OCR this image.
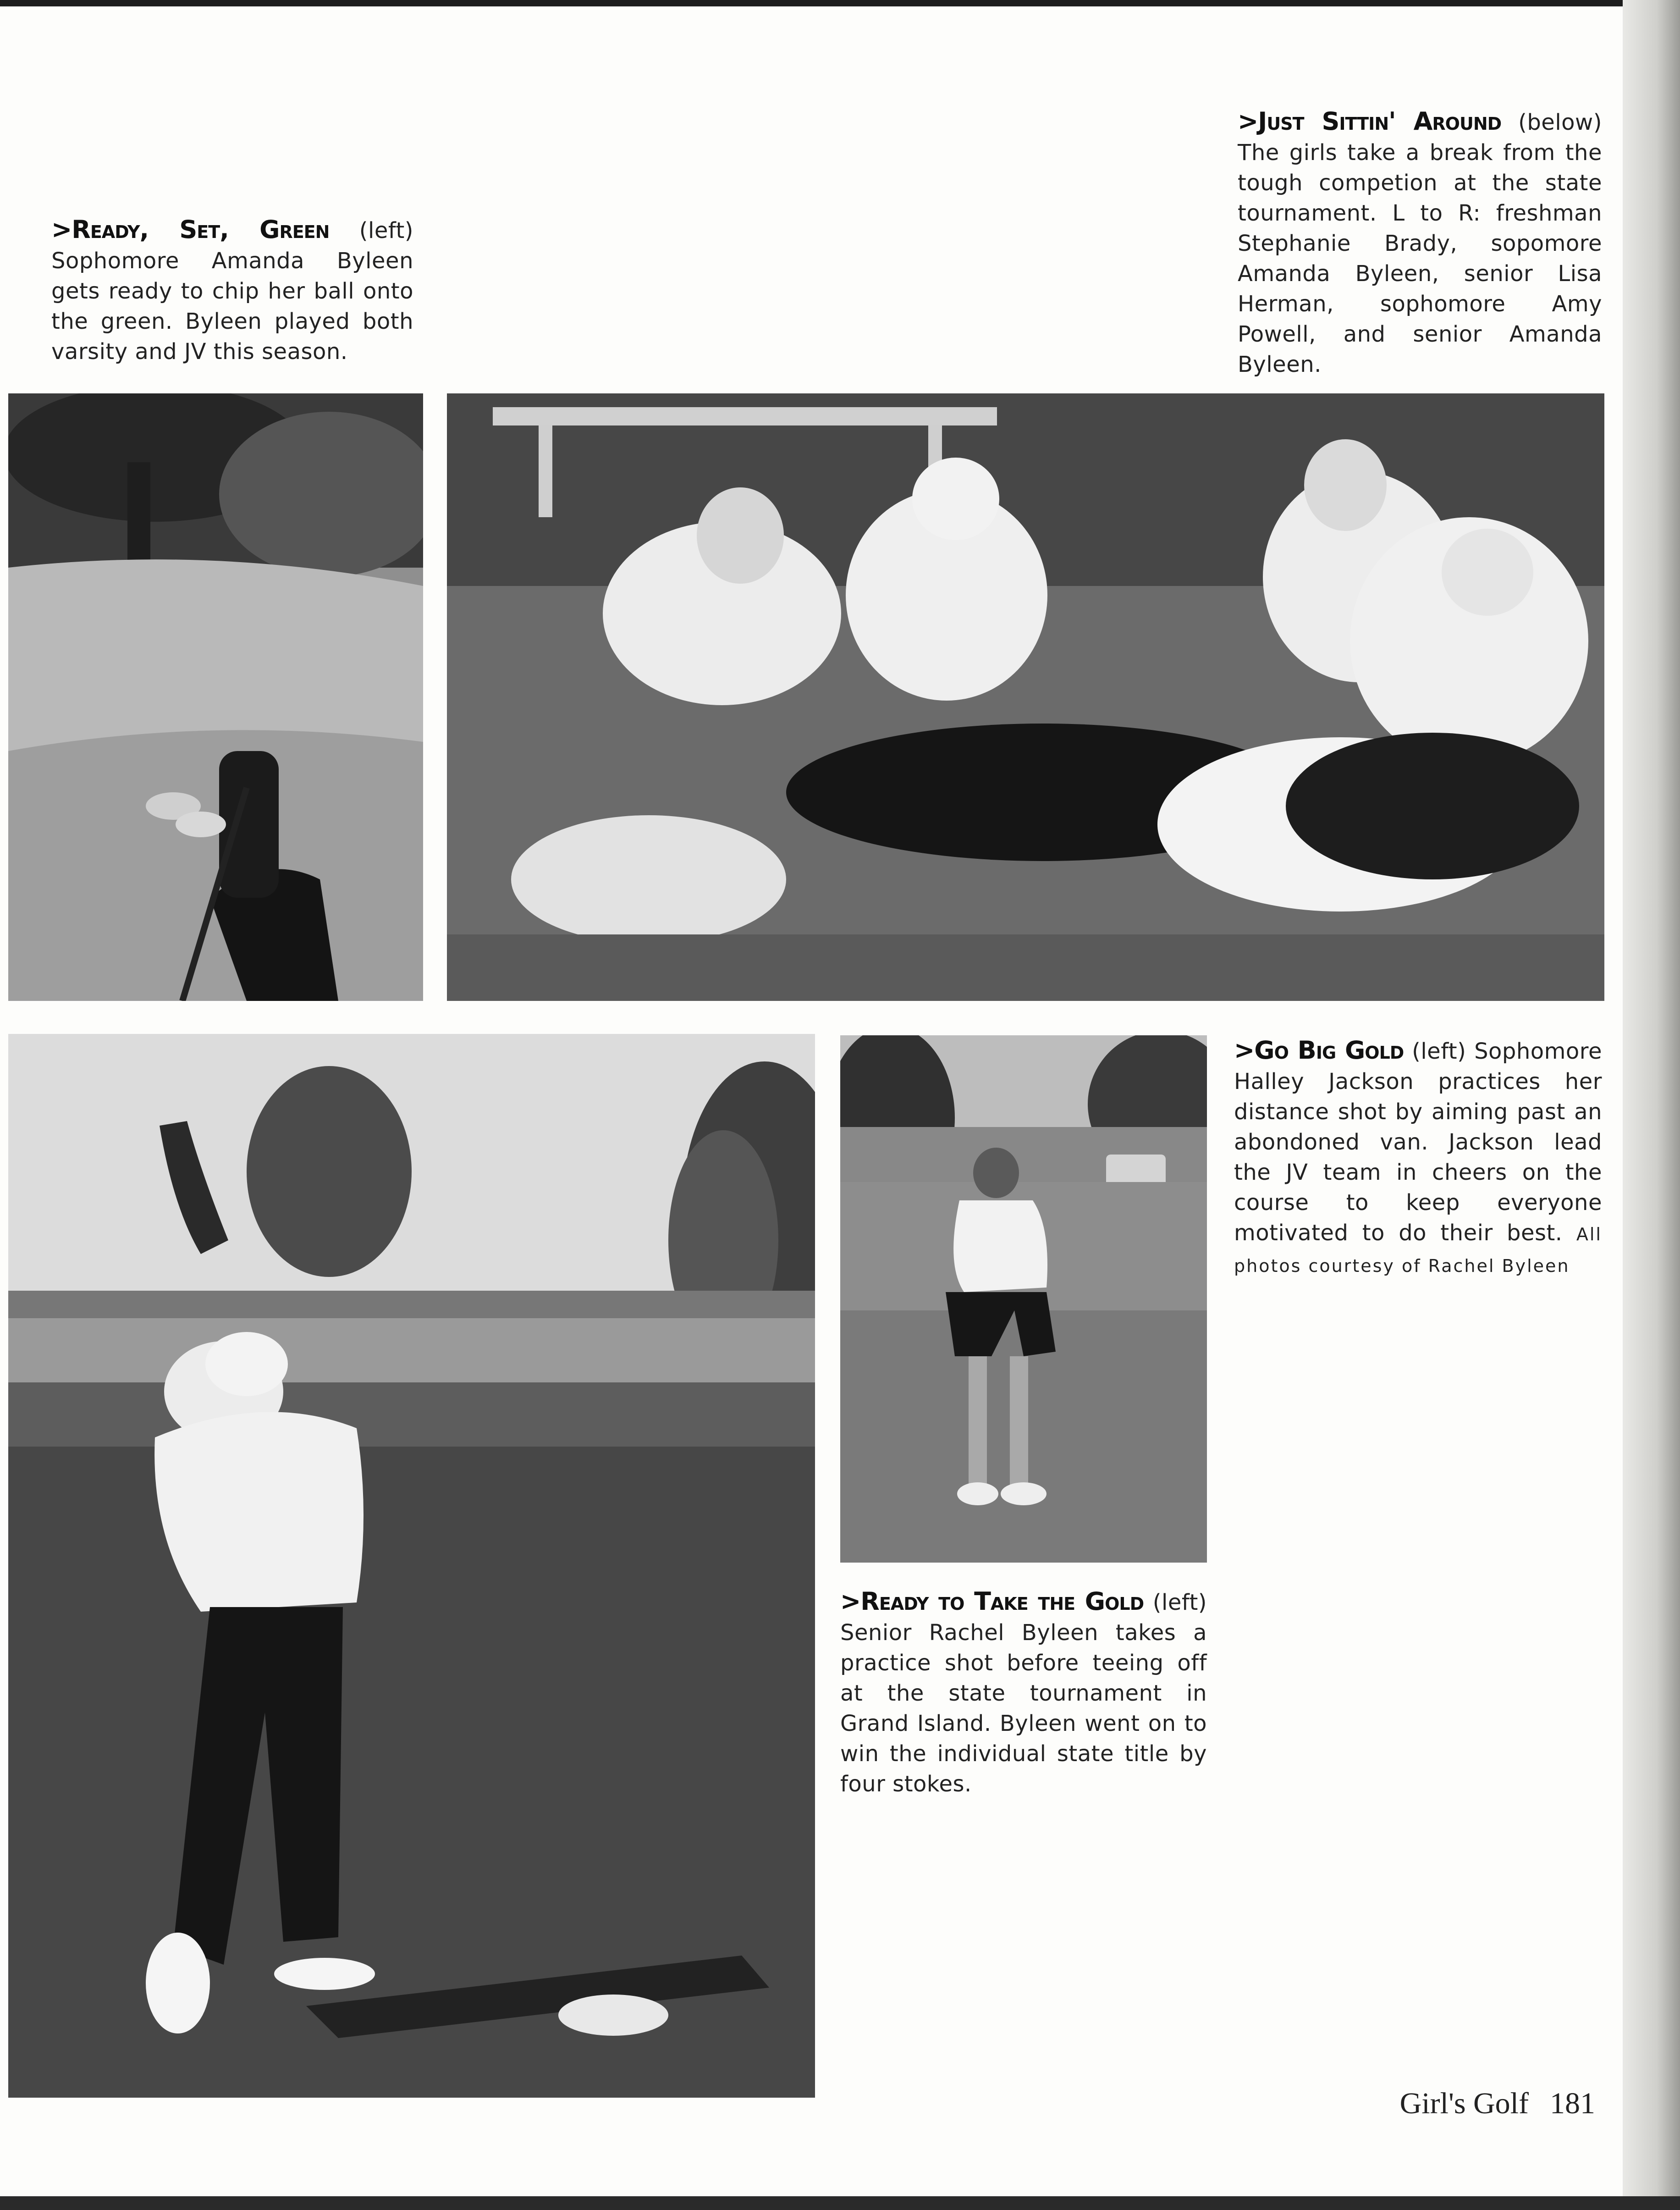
>Ready, Set, Green (left) Sophomore Amanda Byleen gets ready to chip her ball onto the green. Byleen played both varsity and JV this season.
>Just Sittin' Around (below) The girls take a break from the tough competion at the state tournament. L to R: freshman Stephanie Brady, sopomore Amanda Byleen, senior Lisa Herman, sophomore Amy Powell, and senior Amanda Byleen.
>Go Big Gold (left) Sophomore Halley Jackson practices her distance shot by aiming past an abondoned van. Jackson lead the JV team in cheers on the course to keep everyone motivated to do their best. All photos courtesy of Rachel Byleen
>Ready to Take the Gold (left) Senior Rachel Byleen takes a practice shot before teeing off at the state tournament in Grand Island. Byleen went on to win the individual state title by four stokes.
Girl's Golf 181
